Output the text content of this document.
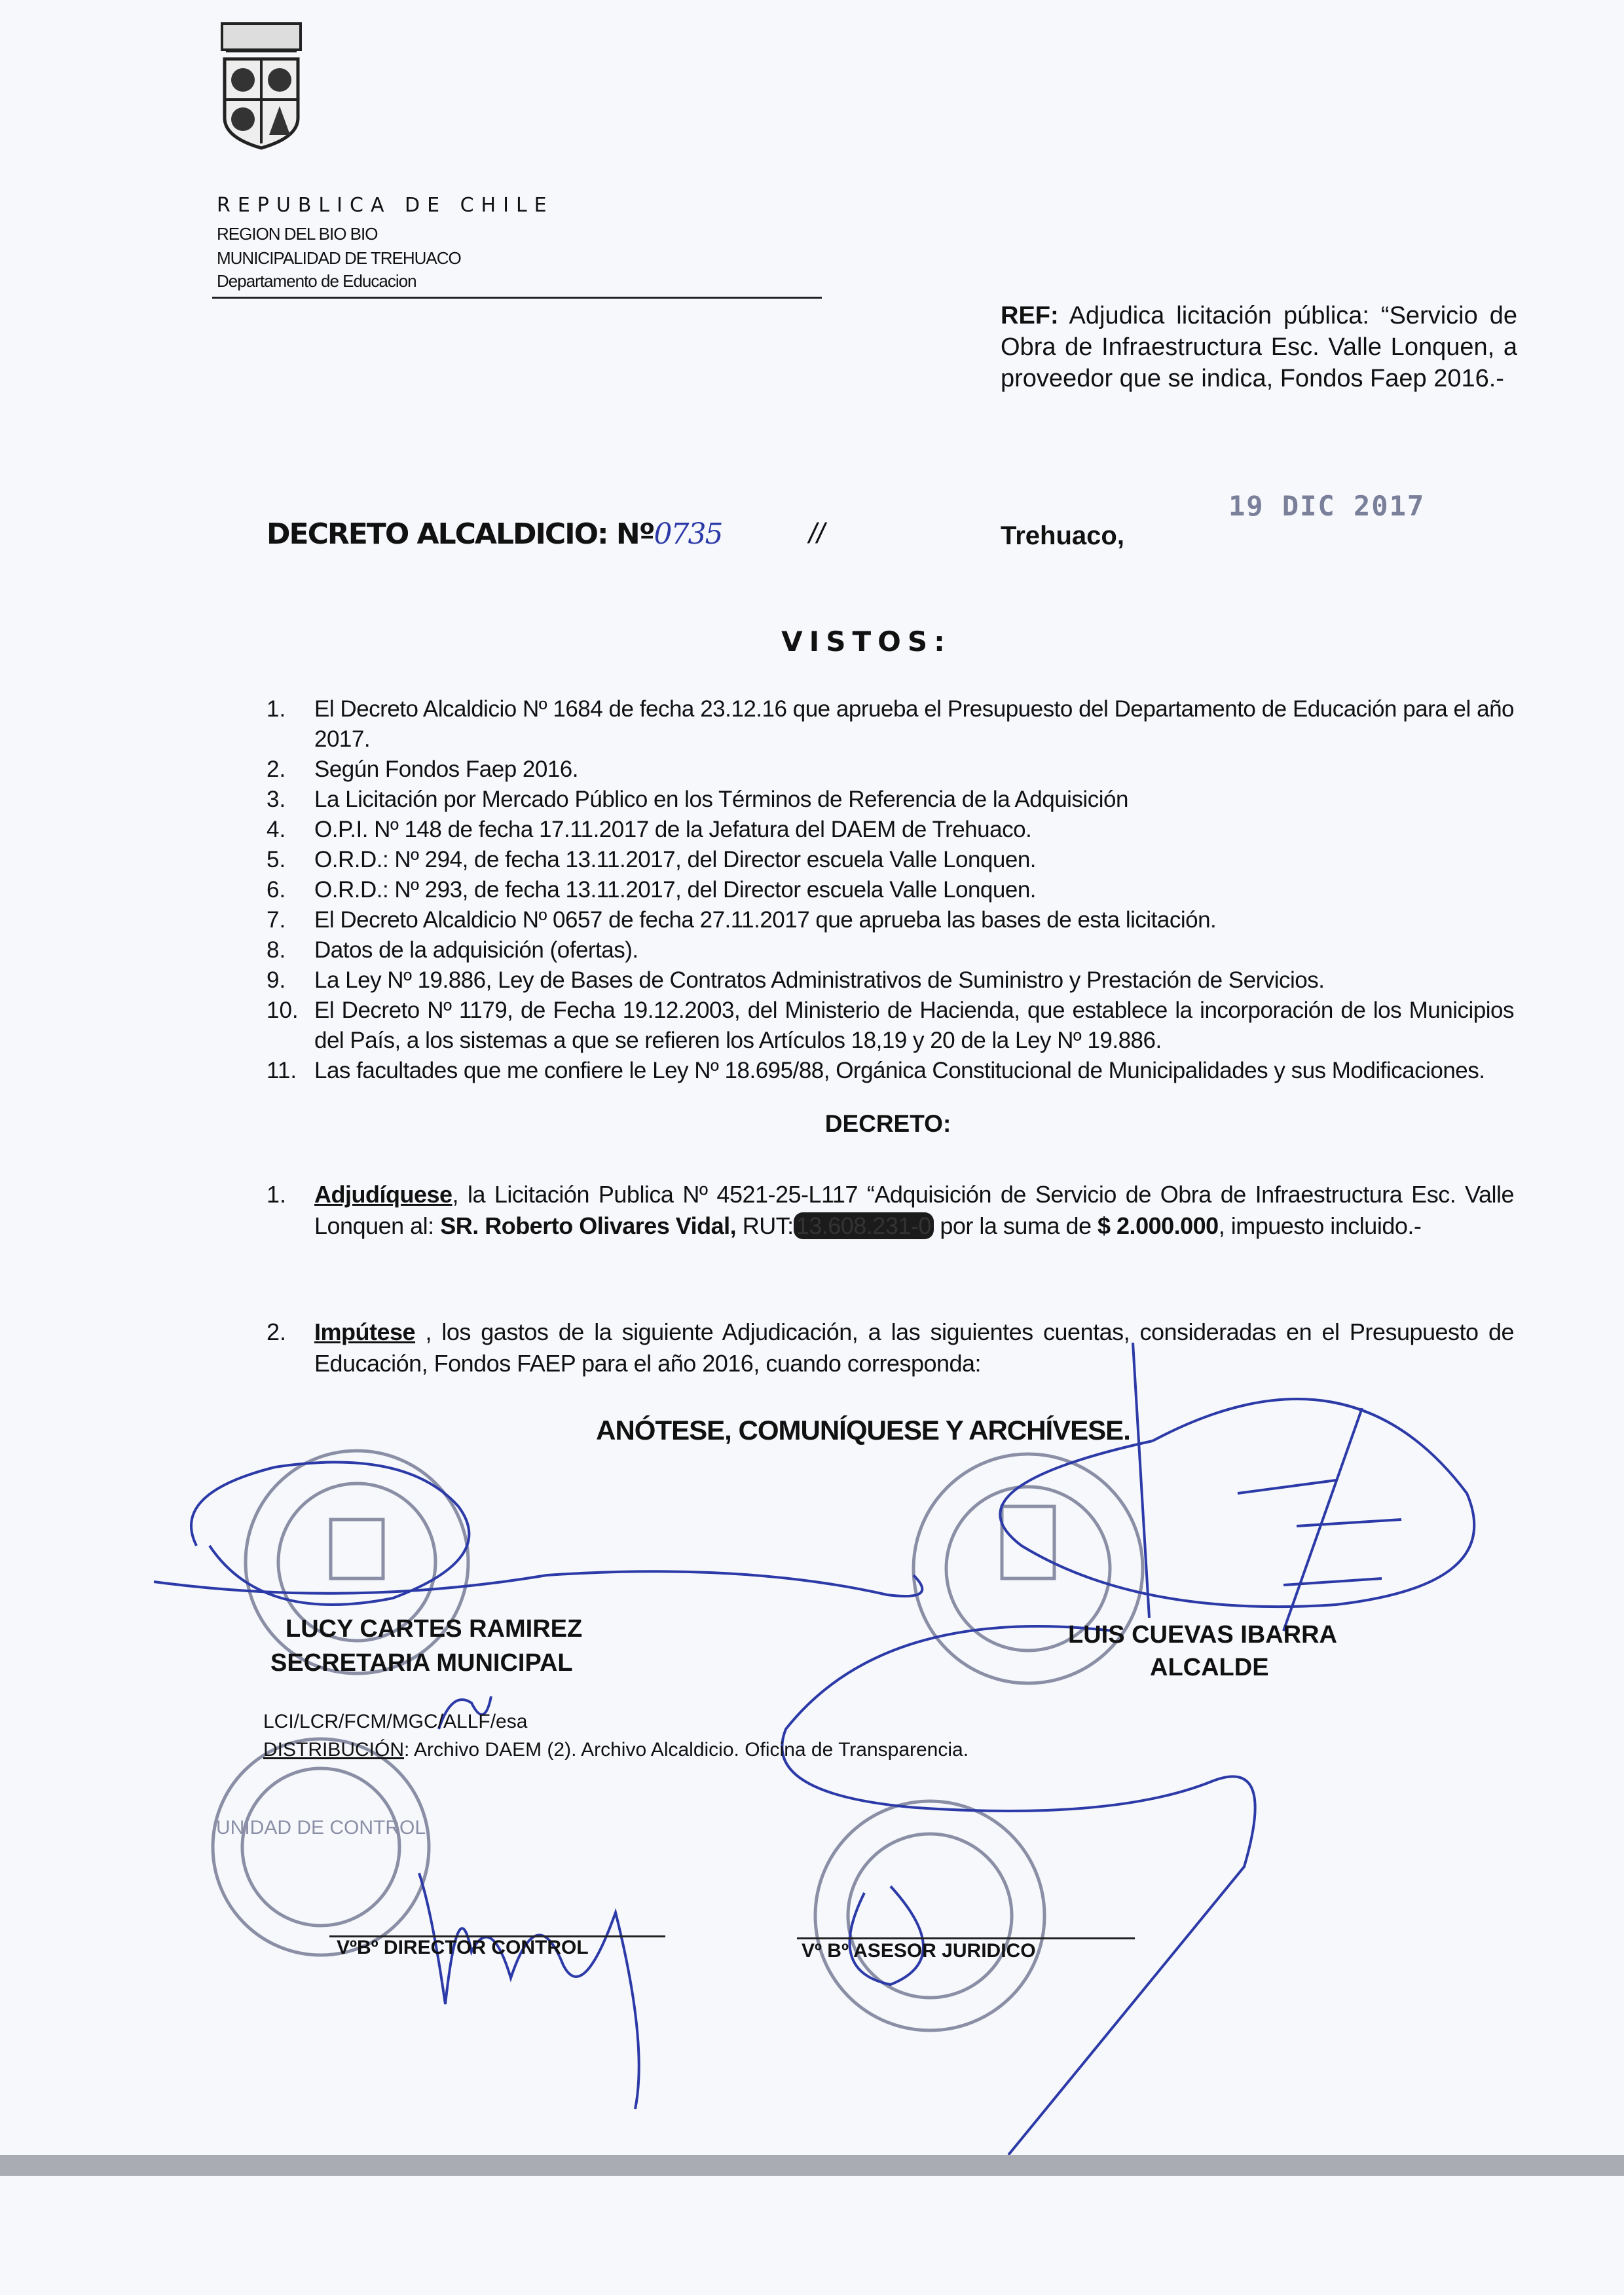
REPUBLICA DE CHILE
REGION DEL BIO BIO
MUNICIPALIDAD DE TREHUACO
Departamento de Educacion
REF: Adjudica licitación pública: “Servicio de Obra de Infraestructura Esc. Valle Lonquen, a proveedor que se indica, Fondos Faep 2016.-
DECRETO ALCALDICIO: Nº0735	//	Trehuaco,
19 DIC 2017
VISTOS:
1.	El Decreto Alcaldicio Nº 1684 de fecha 23.12.16 que aprueba el Presupuesto del Departamento de Educación para el año 2017.
2.	Según Fondos Faep 2016.
3.	La Licitación por Mercado Público en los Términos de Referencia de la Adquisición
4.	O.P.I. Nº 148 de fecha 17.11.2017 de la Jefatura del DAEM de Trehuaco.
5.	O.R.D.: Nº 294, de fecha 13.11.2017, del Director escuela Valle Lonquen.
6.	O.R.D.: Nº 293, de fecha 13.11.2017, del Director escuela Valle Lonquen.
7.	El Decreto Alcaldicio Nº 0657 de fecha 27.11.2017 que aprueba las bases de esta licitación.
8.	Datos de la adquisición (ofertas).
9.	La Ley Nº 19.886, Ley de Bases de Contratos Administrativos de Suministro y Prestación de Servicios.
10. El Decreto Nº 1179, de Fecha 19.12.2003, del Ministerio de Hacienda, que establece la incorporación de los Municipios del País, a los sistemas a que se refieren los Artículos 18,19 y 20 de la Ley Nº 19.886.
11. Las facultades que me confiere le Ley Nº 18.695/88, Orgánica Constitucional de Municipalidades y sus Modificaciones.
DECRETO:
1.	Adjudíquese, la Licitación Publica Nº 4521-25-L117 “Adquisición de Servicio de Obra de Infraestructura Esc. Valle Lonquen al: SR. Roberto Olivares Vidal, RUT: 13.608.231-0 por la suma de $ 2.000.000, impuesto incluido.-
2.	Impútese , los gastos de la siguiente Adjudicación, a las siguientes cuentas, consideradas en el Presupuesto de Educación, Fondos FAEP para el año 2016, cuando corresponda:
ANÓTESE, COMUNÍQUESE Y ARCHÍVESE.
UNIDAD DE CONTROL
LUCY CARTES RAMIREZ
SECRETARIA MUNICIPAL
LUIS CUEVAS IBARRA
ALCALDE
LCI/LCR/FCM/MGC/ALLF/esa
DISTRIBUCIÓN: Archivo DAEM (2). Archivo Alcaldicio. Oficina de Transparencia.
VºBº DIRECTOR CONTROL	Vº Bº ASESOR JURIDICO
